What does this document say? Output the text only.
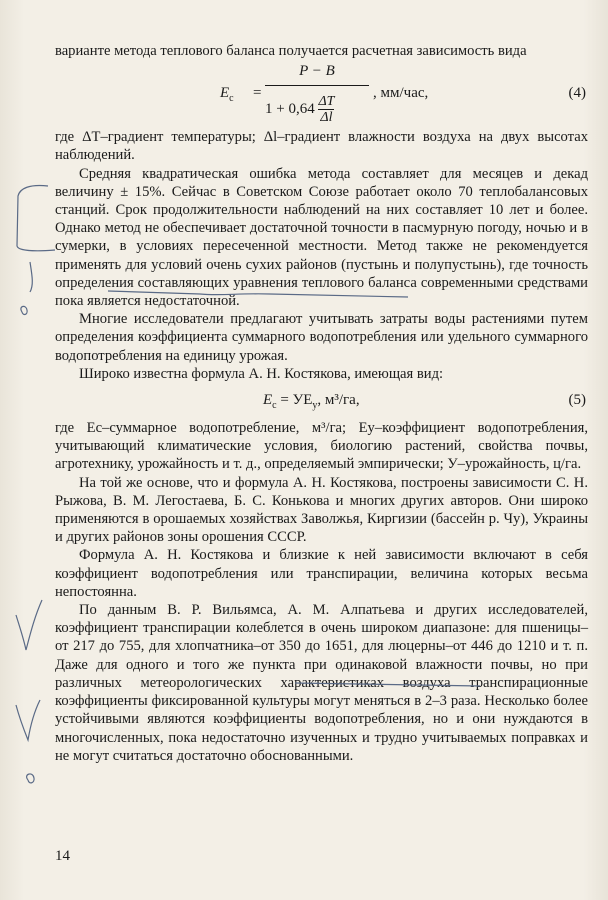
варианте метода теплового баланса получается расчетная зависимость вида

$E_c$ =
P − B
$1 + 0,64 \frac{\Delta T}{\Delta l}$
, мм/час,	(4)

где ΔT–градиент температуры; Δl–градиент влажности воздуха на двух высотах наблюдений.

Средняя квадратическая ошибка метода составляет для месяцев и декад величину ± 15%. Сейчас в Советском Союзе работает около 70 теплобалансовых станций. Срок продолжительности наблюдений на них составляет 10 лет и более. Однако метод не обеспечивает достаточной точности в пасмурную погоду, ночью и в сумерки, в условиях пересеченной местности. Метод также не рекомендуется применять для условий очень сухих районов (пустынь и полупустынь), где точность определения составляющих уравнения теплового баланса современными средствами пока является недостаточной.

Многие исследователи предлагают учитывать затраты воды растениями путем определения коэффициента суммарного водопотребления или удельного суммарного водопотребления на единицу урожая.

Широко известна формула А. Н. Костякова, имеющая вид:

$E_c = УE_y$, м³/га,	(5)

где Eс–суммарное водопотребление, м³/га; Eу–коэффициент водопотребления, учитывающий климатические условия, биологию растений, свойства почвы, агротехнику, урожайность и т. д., определяемый эмпирически; У–урожайность, ц/га.

На той же основе, что и формула А. Н. Костякова, построены зависимости С. Н. Рыжова, В. М. Легостаева, Б. С. Конькова и многих других авторов. Они широко применяются в орошаемых хозяйствах Заволжья, Киргизии (бассейн р. Чу), Украины и других районов зоны орошения СССР.

Формула А. Н. Костякова и близкие к ней зависимости включают в себя коэффициент водопотребления или транспирации, величина которых весьма непостоянна.

По данным В. Р. Вильямса, А. М. Алпатьева и других исследователей, коэффициент транспирации колеблется в очень широком диапазоне: для пшеницы–от 217 до 755, для хлопчатника–от 350 до 1651, для люцерны–от 446 до 1210 и т. п. Даже для одного и того же пункта при одинаковой влажности почвы, но при различных метеорологических характеристиках воздуха транспирационные коэффициенты фиксированной культуры могут меняться в 2–3 раза. Несколько более устойчивыми являются коэффициенты водопотребления, но и они нуждаются в многочисленных, пока недостаточно изученных и трудно учитываемых поправках и не могут считаться достаточно обоснованными.

14
